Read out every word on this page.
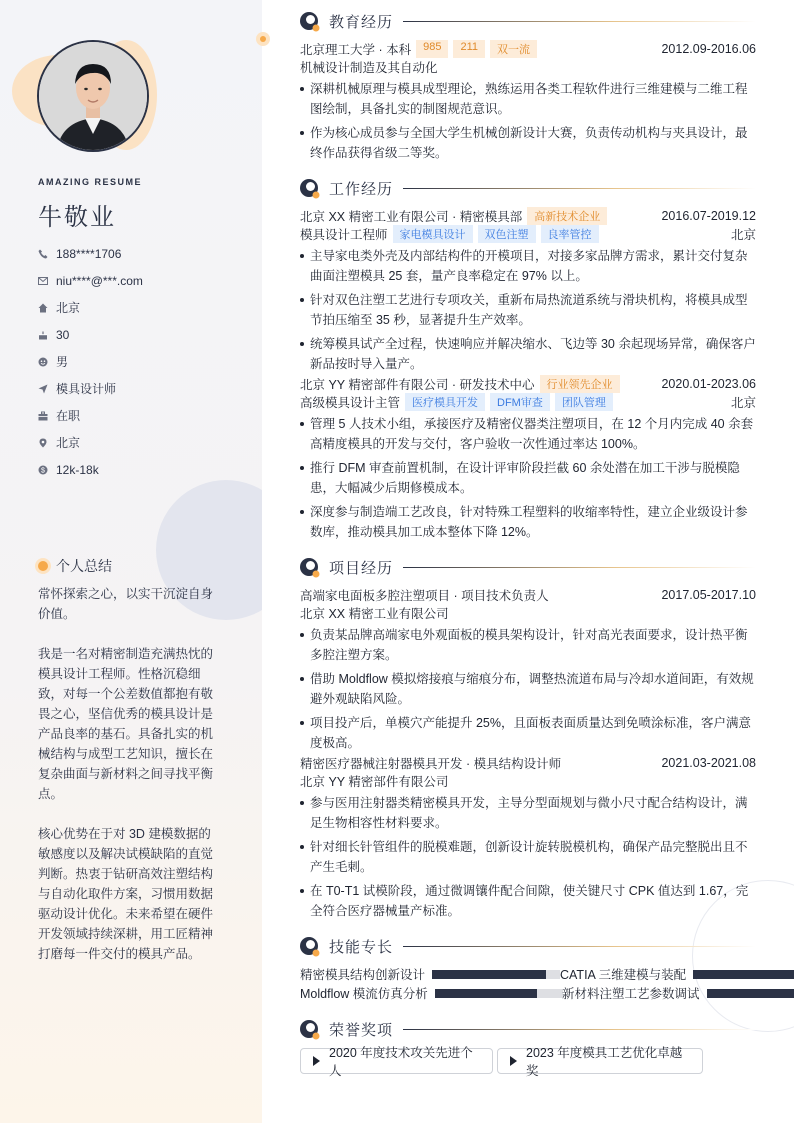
AMAZING RESUME
牛敬业
188****1706
niu****@***.com
北京
30
男
模具设计师
在职
北京
$ 12k-18k
个人总结

常怀探索之心，以实干沉淀自身价值。

我是一名对精密制造充满热忱的模具设计工程师。性格沉稳细致，对每一个公差数值都抱有敬畏之心，坚信优秀的模具设计是产品良率的基石。具备扎实的机械结构与成型工艺知识，擅长在复杂曲面与新材料之间寻找平衡点。

核心优势在于对 3D 建模数据的敏感度以及解决试模缺陷的直觉判断。热衷于钻研高效注塑结构与自动化取件方案，习惯用数据驱动设计优化。未来希望在硬件开发领域持续深耕，用工匠精神打磨每一件交付的模具产品。

教育经历
北京理工大学 · 本科	985	211	双一流	2012.09-2016.06
机械设计制造及其自动化
深耕机械原理与模具成型理论，熟练运用各类工程软件进行三维建模与二维工程图绘制，具备扎实的制图规范意识。
作为核心成员参与全国大学生机械创新设计大赛，负责传动机构与夹具设计，最终作品获得省级二等奖。
工作经历
北京 XX 精密工业有限公司 · 精密模具部	高新技术企业	2016.07-2019.12
模具设计工程师	家电模具设计	双色注塑	良率管控	北京
主导家电类外壳及内部结构件的开模项目，对接多家品牌方需求，累计交付复杂曲面注塑模具 25 套，量产良率稳定在 97% 以上。
针对双色注塑工艺进行专项攻关，重新布局热流道系统与滑块机构，将模具成型节拍压缩至 35 秒，显著提升生产效率。
统筹模具试产全过程，快速响应并解决缩水、飞边等 30 余起现场异常，确保客户新品按时导入量产。
北京 YY 精密部件有限公司 · 研发技术中心	行业领先企业	2020.01-2023.06
高级模具设计主管	医疗模具开发	DFM审查	团队管理	北京
管理 5 人技术小组，承接医疗及精密仪器类注塑项目，在 12 个月内完成 40 余套高精度模具的开发与交付，客户验收一次性通过率达 100%。
推行 DFM 审查前置机制，在设计评审阶段拦截 60 余处潜在加工干涉与脱模隐患，大幅减少后期修模成本。
深度参与制造端工艺改良，针对特殊工程塑料的收缩率特性，建立企业级设计参数库，推动模具加工成本整体下降 12%。
项目经历
高端家电面板多腔注塑项目 · 项目技术负责人	2017.05-2017.10
北京 XX 精密工业有限公司
负责某品牌高端家电外观面板的模具架构设计，针对高光表面要求，设计热平衡多腔注塑方案。
借助 Moldflow 模拟熔接痕与缩痕分布，调整热流道布局与冷却水道间距，有效规避外观缺陷风险。
项目投产后，单模穴产能提升 25%，且面板表面质量达到免喷涂标准，客户满意度极高。
精密医疗器械注射器模具开发 · 模具结构设计师	2021.03-2021.08
北京 YY 精密部件有限公司
参与医用注射器类精密模具开发，主导分型面规划与微小尺寸配合结构设计，满足生物相容性材料要求。
针对细长针管组件的脱模难题，创新设计旋转脱模机构，确保产品完整脱出且不产生毛刺。
在 T0-T1 试模阶段，通过微调镶件配合间隙，使关键尺寸 CPK 值达到 1.67，完全符合医疗器械量产标准。
技能专长
精密模具结构创新设计	CATIA 三维建模与装配
Moldflow 模流仿真分析	新材料注塑工艺参数调试
荣誉奖项
2020 年度技术攻关先进个人
2023 年度模具工艺优化卓越奖
